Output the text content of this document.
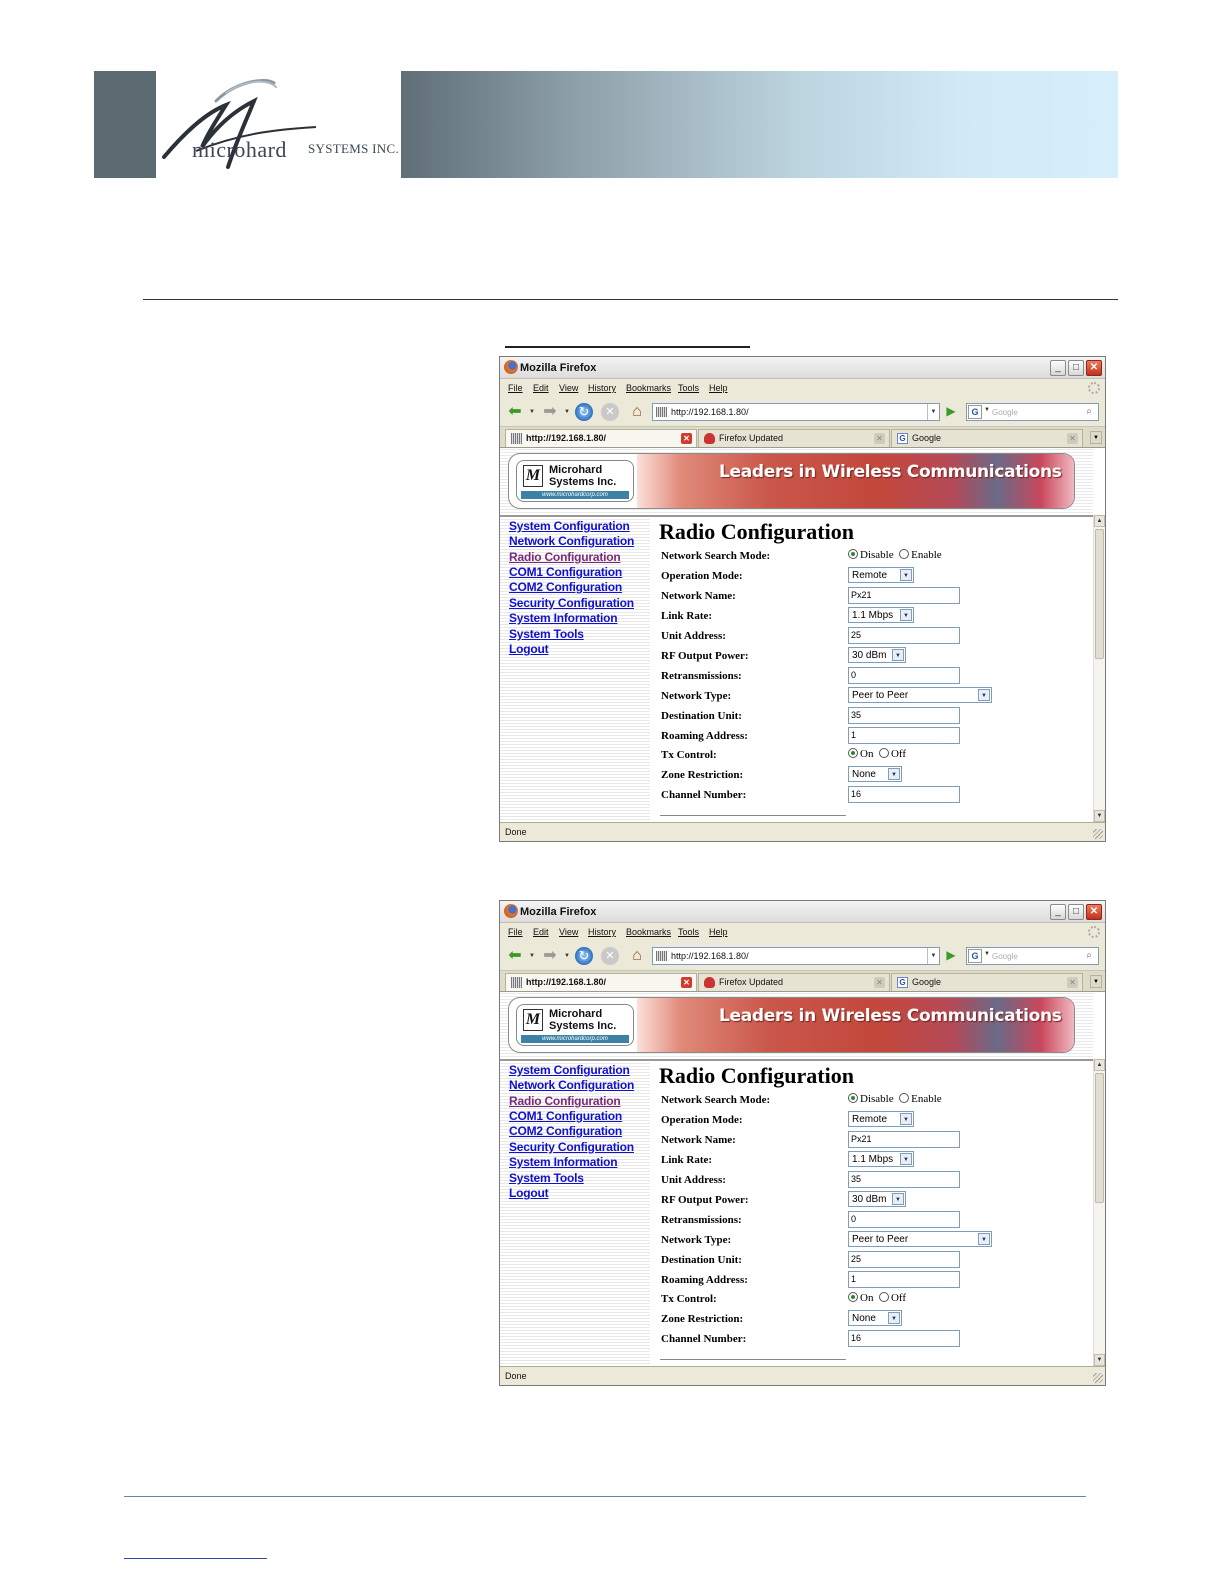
microhard SYSTEMS INC.
Mozilla Firefox	_	□	✕
File Edit View History Bookmarks Tools Help
⬅	▼ ➡	▼ ↻	✕	⌂	http://192.168.1.80/	▼ ▶	G ▼ Google	⌕
http://192.168.1.80/	✕	Firefox Updated	✕ G Google	✕	▼
Leaders in Wireless Communications
M Microhard
Systems Inc.
www.microhardcorp.com
System Configuration
Network Configuration
Radio Configuration
COM1 Configuration
COM2 Configuration
Security Configuration
System Information
System Tools
Logout
Radio Configuration
Network Search Mode:	Disable Enable
Operation Mode:	Remote	▼
Network Name:	Px21
Link Rate:	1.1 Mbps	▼
Unit Address:	25
RF Output Power:	30 dBm	▼
Retransmissions:	0
Network Type:	Peer to Peer	▼
Destination Unit:	35
Roaming Address:	1
Tx Control:	On Off
Zone Restriction:	None	▼
Channel Number:	16
▲
▼
Done
Mozilla Firefox	_	□	✕
File Edit View History Bookmarks Tools Help
⬅	▼ ➡	▼ ↻	✕	⌂	http://192.168.1.80/	▼ ▶	G ▼ Google	⌕
http://192.168.1.80/	✕	Firefox Updated	✕ G Google	✕	▼
Leaders in Wireless Communications
M Microhard
Systems Inc.
www.microhardcorp.com
System Configuration
Network Configuration
Radio Configuration
COM1 Configuration
COM2 Configuration
Security Configuration
System Information
System Tools
Logout
Radio Configuration
Network Search Mode:	Disable Enable
Operation Mode:	Remote	▼
Network Name:	Px21
Link Rate:	1.1 Mbps	▼
Unit Address:	35
RF Output Power:	30 dBm	▼
Retransmissions:	0
Network Type:	Peer to Peer	▼
Destination Unit:	25
Roaming Address:	1
Tx Control:	On Off
Zone Restriction:	None	▼
Channel Number:	16
▲
▼
Done
